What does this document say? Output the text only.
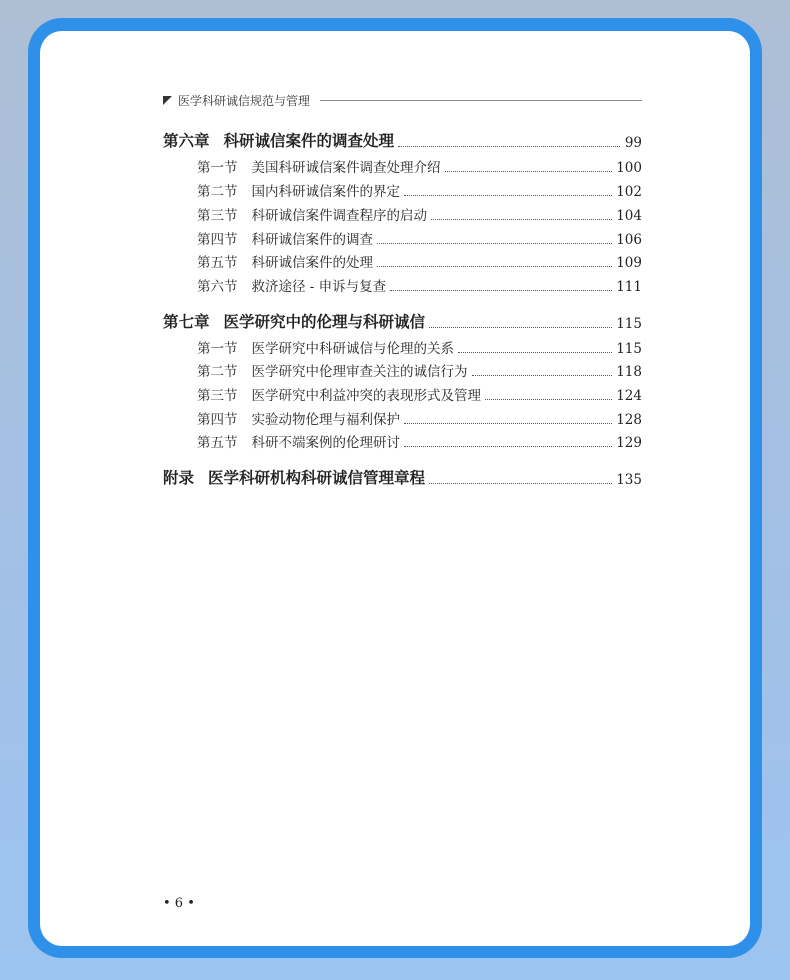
医学科研诚信规范与管理
第六章 科研诚信案件的调查处理	99
第一节 美国科研诚信案件调查处理介绍	100
第二节 国内科研诚信案件的界定	102
第三节 科研诚信案件调查程序的启动	104
第四节 科研诚信案件的调查	106
第五节 科研诚信案件的处理	109
第六节 救济途径 - 申诉与复查	111
第七章 医学研究中的伦理与科研诚信	115
第一节 医学研究中科研诚信与伦理的关系	115
第二节 医学研究中伦理审查关注的诚信行为	118
第三节 医学研究中利益冲突的表现形式及管理	124
第四节 实验动物伦理与福利保护	128
第五节 科研不端案例的伦理研讨	129
附录 医学科研机构科研诚信管理章程	135
• 6 •
